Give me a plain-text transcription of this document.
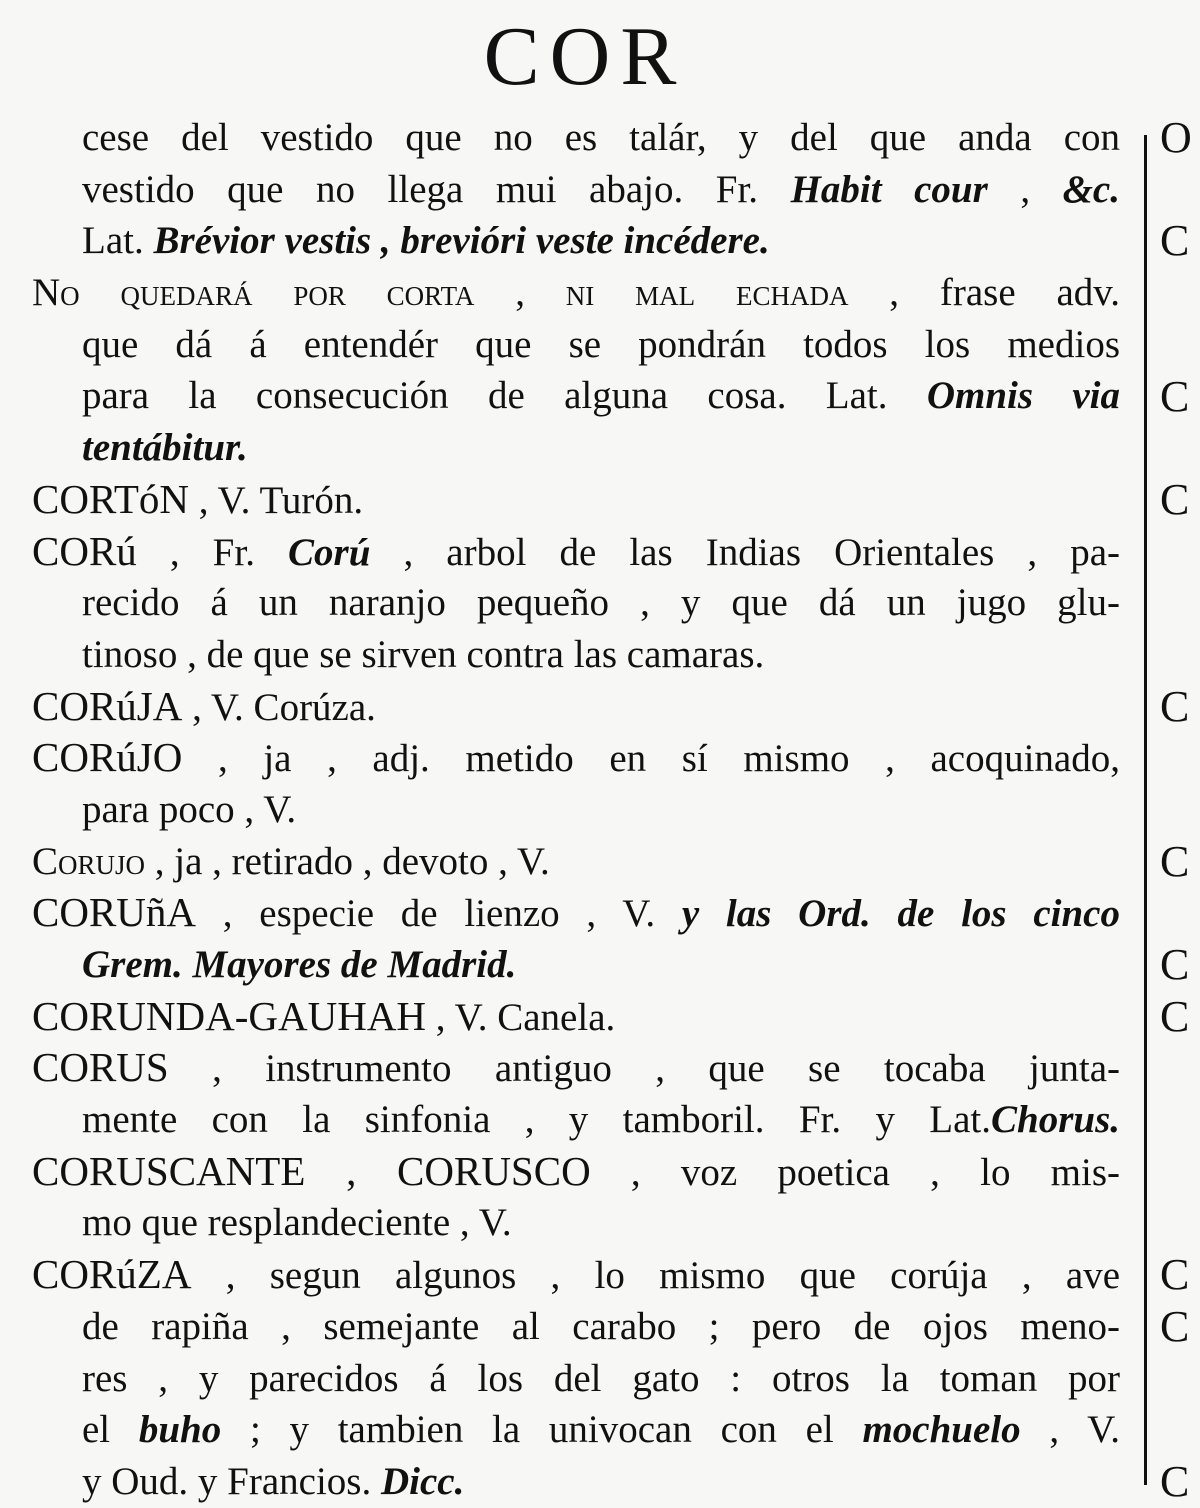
COR
cese del vestido que no es talár, y del que anda con
vestido que no llega mui abajo. Fr. Habit cour , &c.
Lat. Brévior vestis , brevióri veste incédere.
No quedará por corta , ni mal echada , frase adv.
que dá á entendér que se pondrán todos los medios
para la consecución de alguna cosa. Lat. Omnis via
tentábitur.
CORTóN , V. Turón.
CORú , Fr. Corú , arbol de las Indias Orientales , pa-
recido á un naranjo pequeño , y que dá un jugo glu-
tinoso , de que se sirven contra las camaras.
CORúJA , V. Corúza.
CORúJO , ja , adj. metido en sí mismo , acoquinado,
para poco , V.
Corujo , ja , retirado , devoto , V.
CORUñA , especie de lienzo , V. y las Ord. de los cinco
Grem. Mayores de Madrid.
CORUNDA-GAUHAH , V. Canela.
CORUS , instrumento antiguo , que se tocaba junta-
mente con la sinfonia , y tamboril. Fr. y Lat.Chorus.
CORUSCANTE , CORUSCO , voz poetica , lo mis-
mo que resplandeciente , V.
CORúZA , segun algunos , lo mismo que corúja , ave
de rapiña , semejante al carabo ; pero de ojos meno-
res , y parecidos á los del gato : otros la toman por
el buho ; y tambien la univocan con el mochuelo , V.
y Oud. y Francios. Dicc.
O
C
C
C
C
C
C
C
C
C
C
